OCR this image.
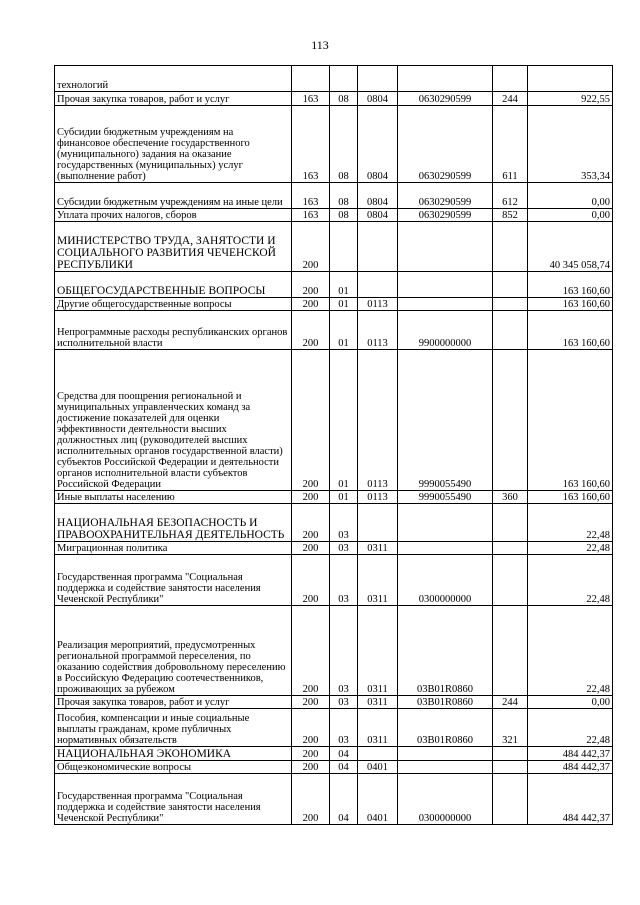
113
технологий						
Прочая закупка товаров, работ и услуг	163	08	0804	0630290599	244	922,55
Субсидии бюджетным учреждениям на финансовое обеспечение государственного (муниципального) задания на оказание государственных (муниципальных) услуг (выполнение работ)	163	08	0804	0630290599	611	353,34
Субсидии бюджетным учреждениям на иные цели	163	08	0804	0630290599	612	0,00
Уплата прочих налогов, сборов	163	08	0804	0630290599	852	0,00
МИНИСТЕРСТВО ТРУДА, ЗАНЯТОСТИ И СОЦИАЛЬНОГО РАЗВИТИЯ ЧЕЧЕНСКОЙ РЕСПУБЛИКИ	200					40 345 058,74
ОБЩЕГОСУДАРСТВЕННЫЕ ВОПРОСЫ	200	01				163 160,60
Другие общегосударственные вопросы	200	01	0113			163 160,60
Непрограммные расходы республиканских органов исполнительной власти	200	01	0113	9900000000		163 160,60
Средства для поощрения региональной и муниципальных управленческих команд за достижение показателей для оценки эффективности деятельности высших должностных лиц (руководителей высших исполнительных органов государственной власти) субъектов Российской Федерации и деятельности органов исполнительной власти субъектов Российской Федерации	200	01	0113	9990055490		163 160,60
Иные выплаты населению	200	01	0113	9990055490	360	163 160,60
НАЦИОНАЛЬНАЯ БЕЗОПАСНОСТЬ И ПРАВООХРАНИТЕЛЬНАЯ ДЕЯТЕЛЬНОСТЬ	200	03				22,48
Миграционная политика	200	03	0311			22,48
Государственная программа "Социальная поддержка и содействие занятости населения Чеченской Республики"	200	03	0311	0300000000		22,48
Реализация мероприятий, предусмотренных региональной программой переселения, по оказанию содействия добровольному переселению в Российскую Федерацию соотечественников, проживающих за рубежом	200	03	0311	03В01R0860		22,48
Прочая закупка товаров, работ и услуг	200	03	0311	03В01R0860	244	0,00
Пособия, компенсации и иные социальные выплаты гражданам, кроме публичных нормативных обязательств	200	03	0311	03В01R0860	321	22,48
НАЦИОНАЛЬНАЯ ЭКОНОМИКА	200	04				484 442,37
Общеэкономические вопросы	200	04	0401			484 442,37
Государственная программа "Социальная поддержка и содействие занятости населения Чеченской Республики"	200	04	0401	0300000000		484 442,37
